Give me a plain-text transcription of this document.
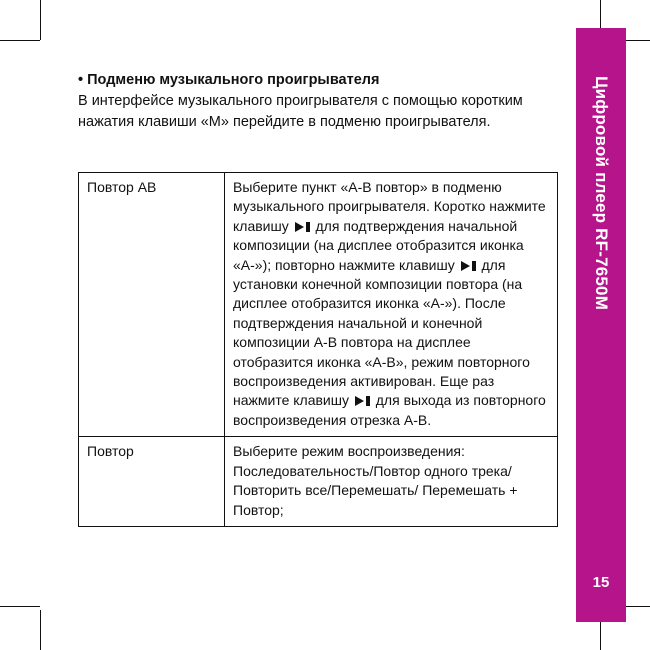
Цифровой плеер RF-7650M
15

• Подменю музыкального проигрывателя

В интерфейсе музыкального проигрывателя с помощью коротким нажатия клавиши «М» перейдите в подменю проигрывателя.

Повтор AB	Выберите пункт «A-B повтор» в подменю музыкального проигрывателя. Коротко нажмите клавишу
для подтверждения начальной композиции (на дисплее отобразится иконка «A-»); повторно нажмите клавишу
для установки конечной композиции повтора (на дисплее отобразится иконка «A-»). После подтверждения начальной и конечной композиции A-B повтора на дисплее отобразится иконка «A-B», режим повторного воспроизведения активирован. Еще раз нажмите клавишу
для выхода из повторного воспроизведения отрезка A-B.
Повтор	Выберите режим воспроизведения: Последовательность/Повтор одного трека/Повторить все/Перемешать/ Перемешать + Повтор;
